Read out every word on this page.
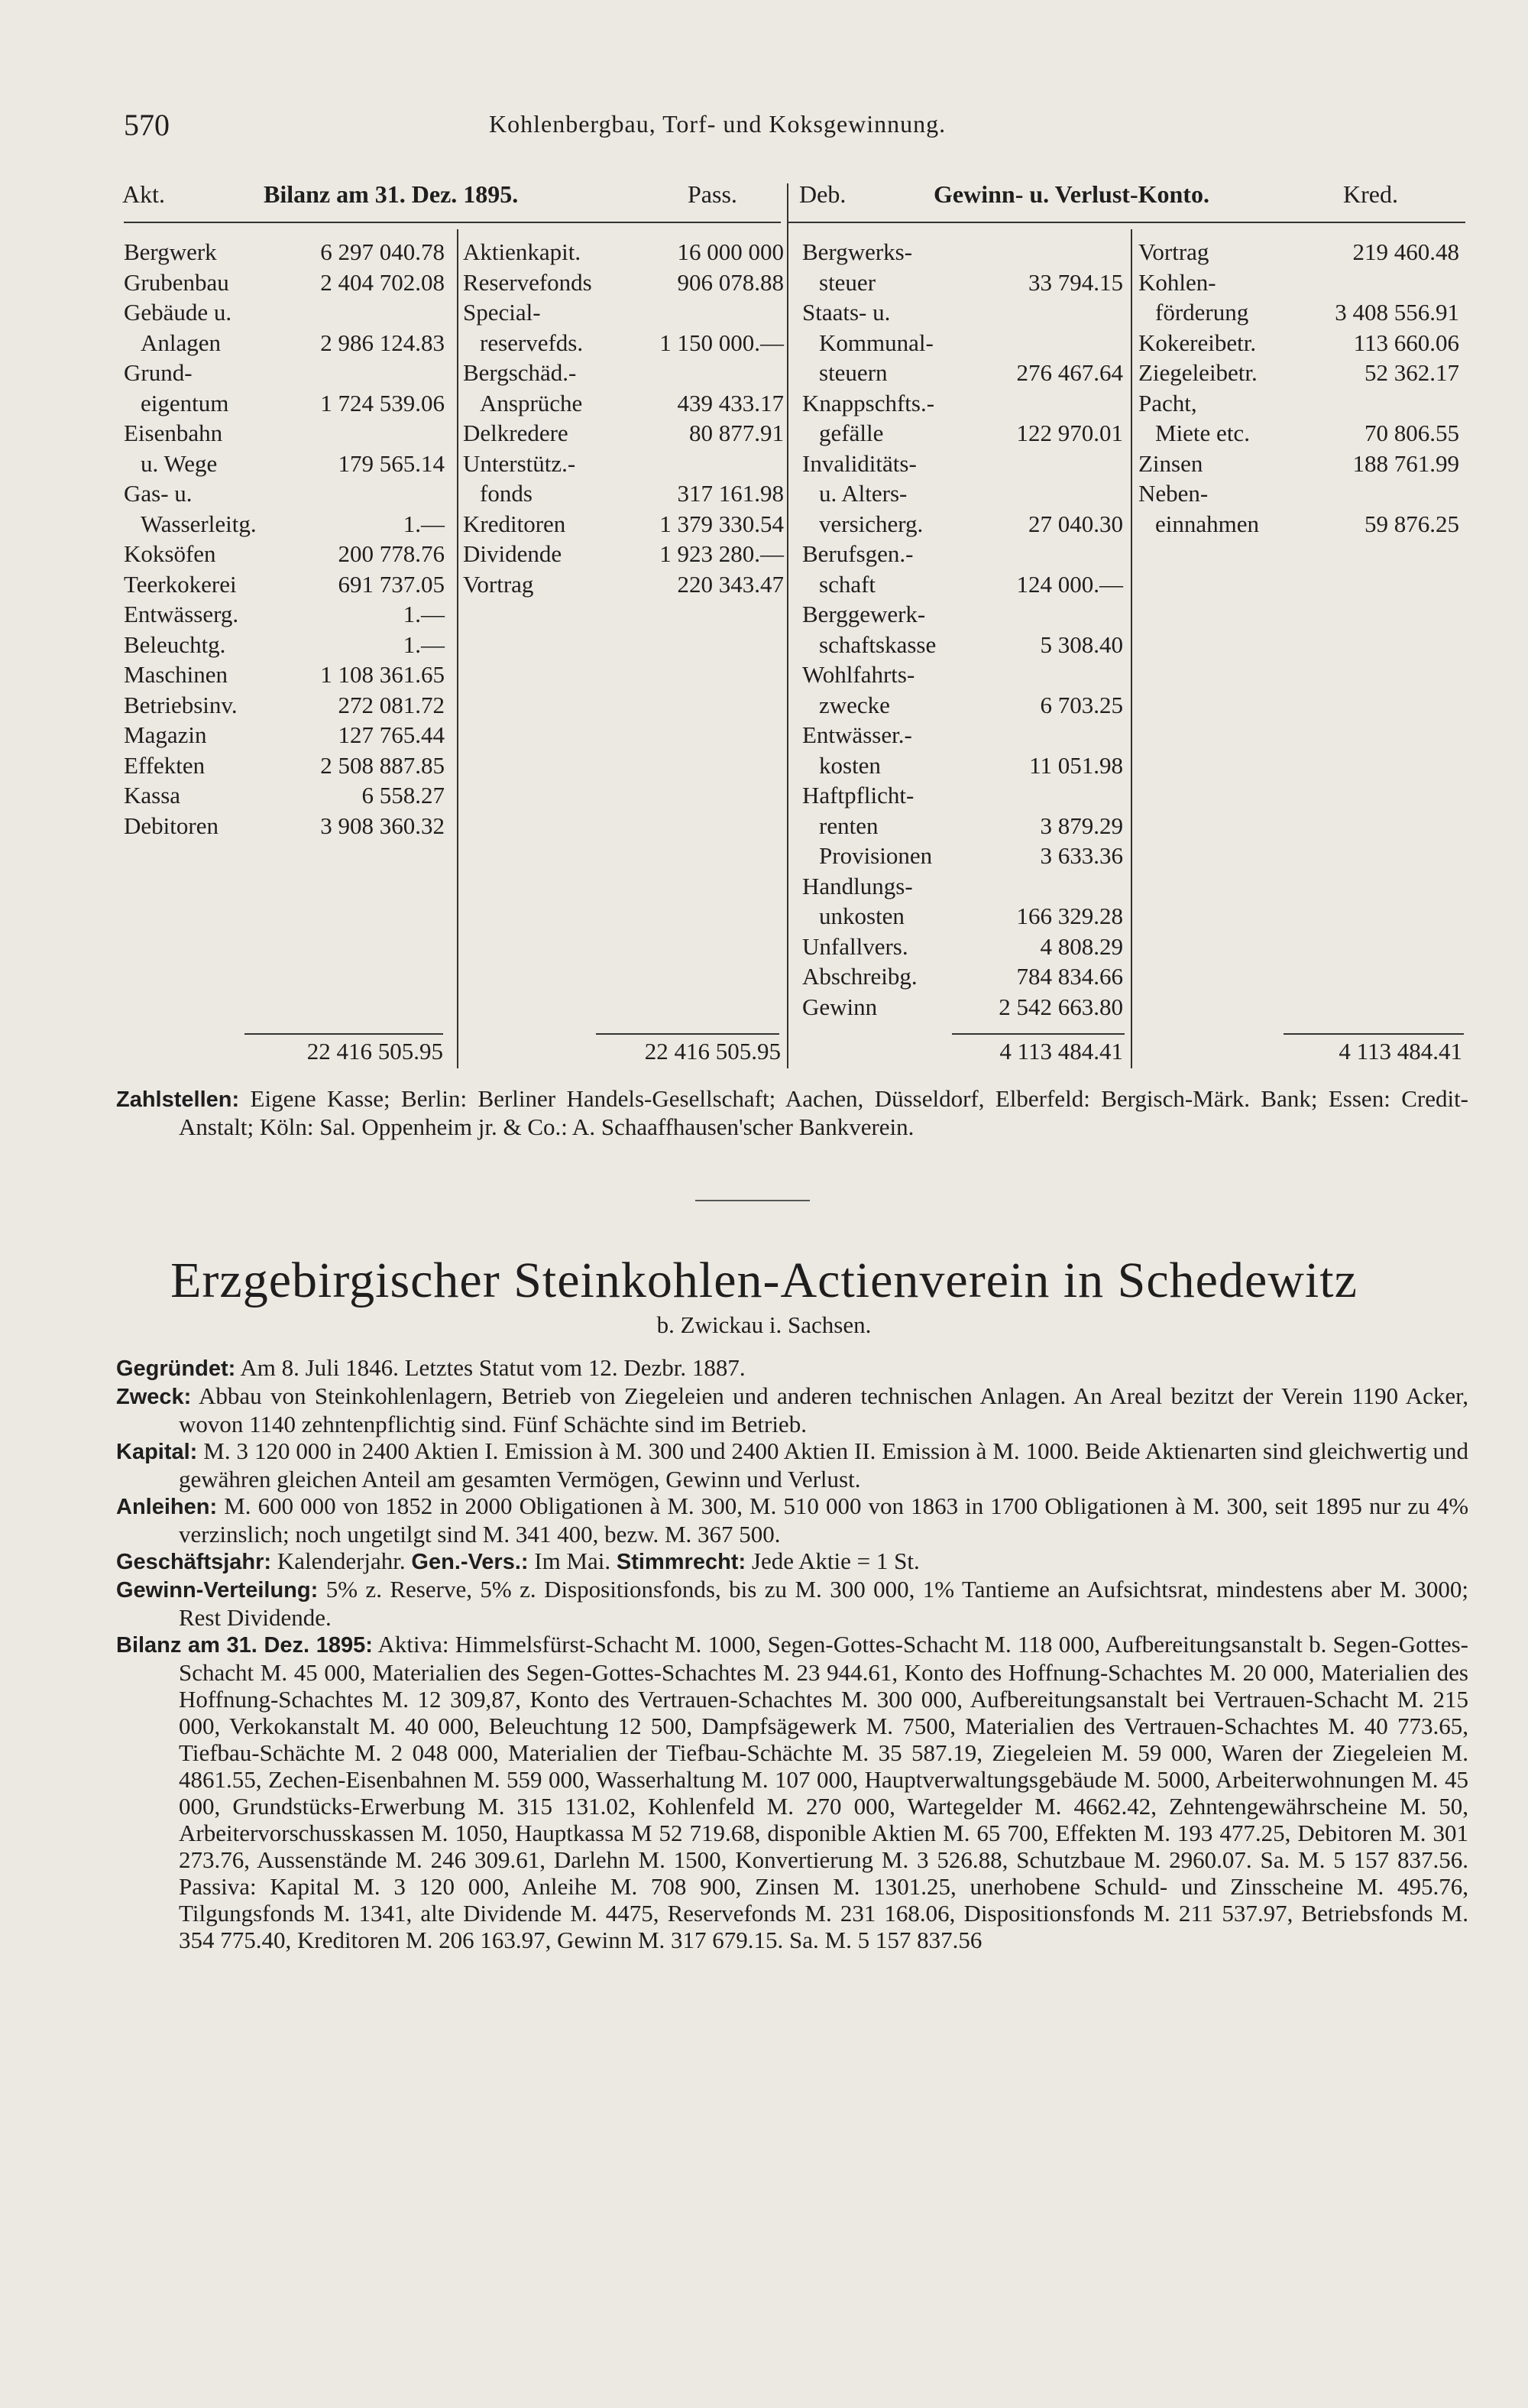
570	Kohlenbergbau, Torf- und Koksgewinnung.
Akt.	Bilanz am 31. Dez. 1895.	Pass.	Deb.	Gewinn- u. Verlust-Konto.	Kred.
Bergwerk	6 297 040.78
Grubenbau	2 404 702.08
Gebäude u.
Anlagen	2 986 124.83
Grund-
eigentum	1 724 539.06
Eisenbahn
u. Wege	179 565.14
Gas- u.
Wasserleitg.	1.—
Koksöfen	200 778.76
Teerkokerei	691 737.05
Entwässerg.	1.—
Beleuchtg.	1.—
Maschinen	1 108 361.65
Betriebsinv.	272 081.72
Magazin	127 765.44
Effekten	2 508 887.85
Kassa	6 558.27
Debitoren	3 908 360.32
Aktienkapit.	16 000 000
Reservefonds	906 078.88
Special-
reservefds.	1 150 000.—
Bergschäd.-
Ansprüche	439 433.17
Delkredere	80 877.91
Unterstütz.-
fonds	317 161.98
Kreditoren	1 379 330.54
Dividende	1 923 280.—
Vortrag	220 343.47
Bergwerks-
steuer	33 794.15
Staats- u.
Kommunal-
steuern	276 467.64
Knappschfts.-
gefälle	122 970.01
Invaliditäts-
u. Alters-
versicherg.	27 040.30
Berufsgen.-
schaft	124 000.—
Berggewerk-
schaftskasse	5 308.40
Wohlfahrts-
zwecke	6 703.25
Entwässer.-
kosten	11 051.98
Haftpflicht-
renten	3 879.29
Provisionen	3 633.36
Handlungs-
unkosten	166 329.28
Unfallvers.	4 808.29
Abschreibg.	784 834.66
Gewinn	2 542 663.80
Vortrag	219 460.48
Kohlen-
förderung	3 408 556.91
Kokereibetr.	113 660.06
Ziegeleibetr.	52 362.17
Pacht,
Miete etc.	70 806.55
Zinsen	188 761.99
Neben-
einnahmen	59 876.25
22 416 505.95	22 416 505.95	4 113 484.41	4 113 484.41
Zahlstellen: Eigene Kasse; Berlin: Berliner Handels-Gesellschaft; Aachen, Düsseldorf, Elberfeld: Bergisch-Märk. Bank; Essen: Credit-Anstalt; Köln: Sal. Oppenheim jr. & Co.: A. Schaaffhausen'scher Bankverein.
Erzgebirgischer Steinkohlen-Actienverein in Schedewitz
b. Zwickau i. Sachsen.
Gegründet: Am 8. Juli 1846. Letztes Statut vom 12. Dezbr. 1887.
Zweck: Abbau von Steinkohlenlagern, Betrieb von Ziegeleien und anderen technischen Anlagen. An Areal bezitzt der Verein 1190 Acker, wovon 1140 zehntenpflichtig sind. Fünf Schächte sind im Betrieb.
Kapital: M. 3 120 000 in 2400 Aktien I. Emission à M. 300 und 2400 Aktien II. Emission à M. 1000. Beide Aktienarten sind gleichwertig und gewähren gleichen Anteil am gesamten Vermögen, Gewinn und Verlust.
Anleihen: M. 600 000 von 1852 in 2000 Obligationen à M. 300, M. 510 000 von 1863 in 1700 Obligationen à M. 300, seit 1895 nur zu 4% verzinslich; noch ungetilgt sind M. 341 400, bezw. M. 367 500.
Geschäftsjahr: Kalenderjahr. Gen.-Vers.: Im Mai. Stimmrecht: Jede Aktie = 1 St.
Gewinn-Verteilung: 5% z. Reserve, 5% z. Dispositionsfonds, bis zu M. 300 000, 1% Tantieme an Aufsichtsrat, mindestens aber M. 3000; Rest Dividende.
Bilanz am 31. Dez. 1895: Aktiva: Himmelsfürst-Schacht M. 1000, Segen-Gottes-Schacht M. 118 000, Aufbereitungsanstalt b. Segen-Gottes-Schacht M. 45 000, Materialien des Segen-Gottes-Schachtes M. 23 944.61, Konto des Hoffnung-Schachtes M. 20 000, Materialien des Hoffnung-Schachtes M. 12 309,87, Konto des Vertrauen-Schachtes M. 300 000, Aufbereitungsanstalt bei Vertrauen-Schacht M. 215 000, Verkokanstalt M. 40 000, Beleuchtung 12 500, Dampfsägewerk M. 7500, Materialien des Vertrauen-Schachtes M. 40 773.65, Tiefbau-Schächte M. 2 048 000, Materialien der Tiefbau-Schächte M. 35 587.19, Ziegeleien M. 59 000, Waren der Ziegeleien M. 4861.55, Zechen-Eisenbahnen M. 559 000, Wasserhaltung M. 107 000, Hauptverwaltungsgebäude M. 5000, Arbeiterwohnungen M. 45 000, Grundstücks-Erwerbung M. 315 131.02, Kohlenfeld M. 270 000, Wartegelder M. 4662.42, Zehntengewährscheine M. 50, Arbeitervorschusskassen M. 1050, Hauptkassa M 52 719.68, disponible Aktien M. 65 700, Effekten M. 193 477.25, Debitoren M. 301 273.76, Aussenstände M. 246 309.61, Darlehn M. 1500, Konvertierung M. 3 526.88, Schutzbaue M. 2960.07. Sa. M. 5 157 837.56. Passiva: Kapital M. 3 120 000, Anleihe M. 708 900, Zinsen M. 1301.25, unerhobene Schuld- und Zinsscheine M. 495.76, Tilgungsfonds M. 1341, alte Dividende M. 4475, Reservefonds M. 231 168.06, Dispositionsfonds M. 211 537.97, Betriebsfonds M. 354 775.40, Kreditoren M. 206 163.97, Gewinn M. 317 679.15. Sa. M. 5 157 837.56
